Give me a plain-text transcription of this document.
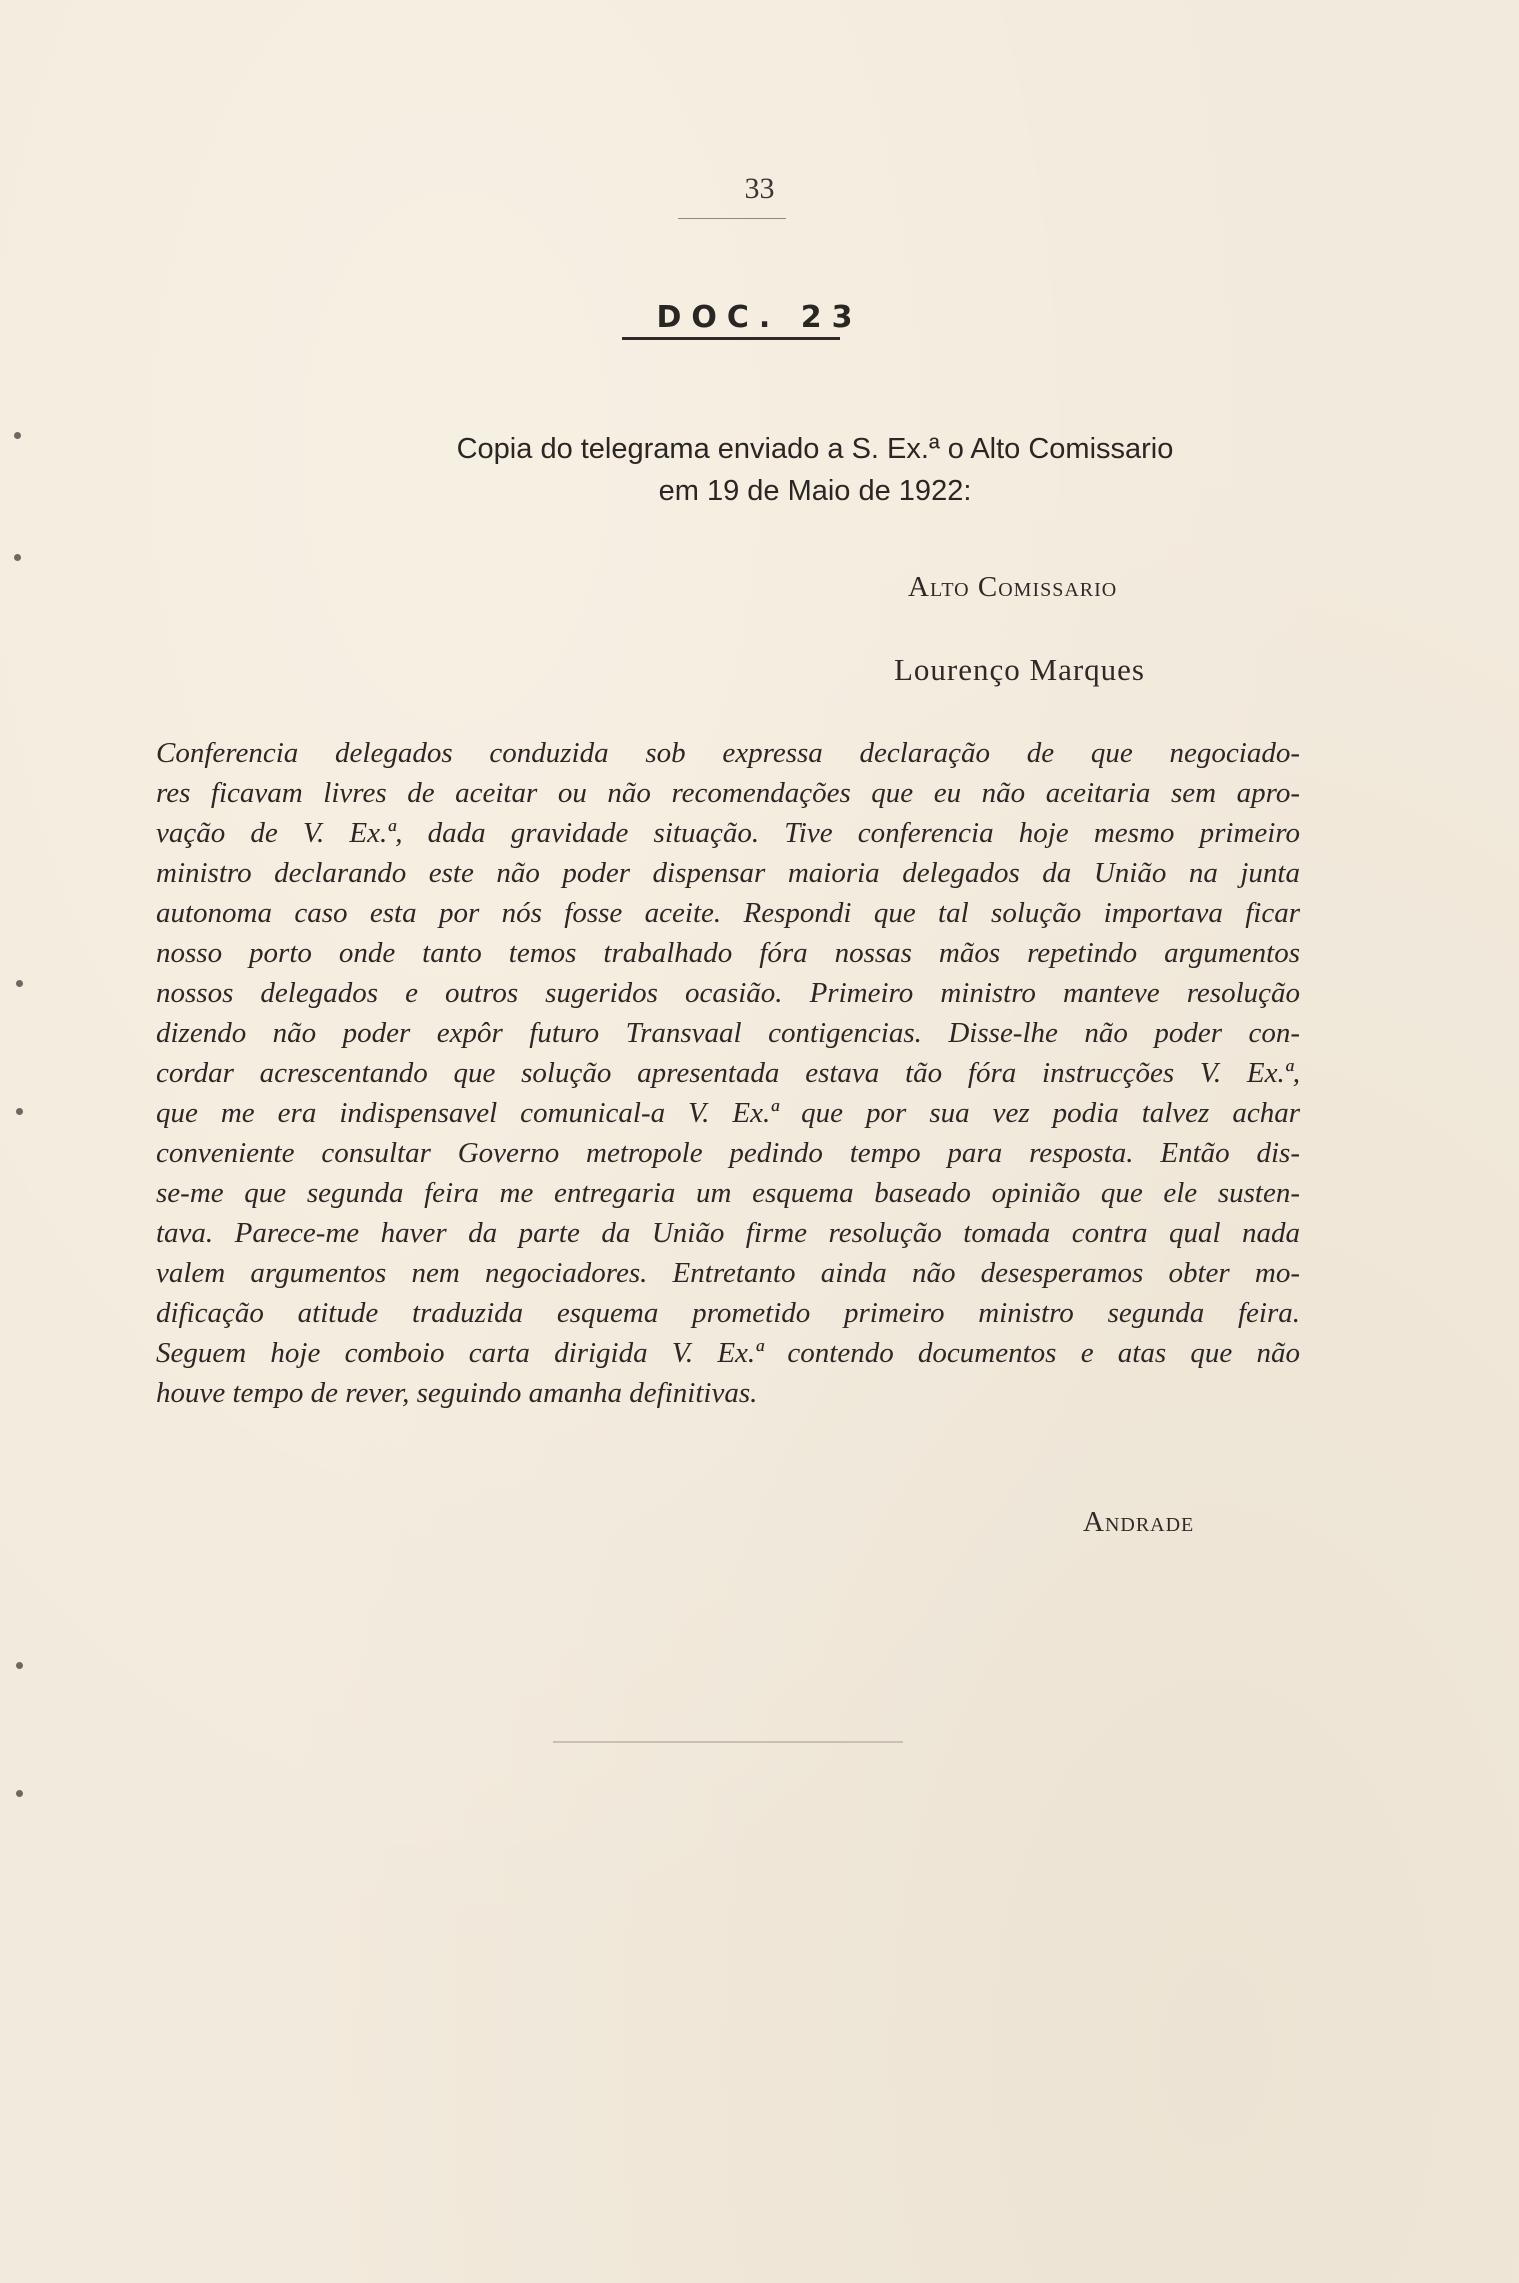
33
DOC. 23
Copia do telegrama enviado a S. Ex.ª o Alto Comissario
em 19 de Maio de 1922:
Alto Comissario
Lourenço Marques
Conferencia delegados conduzida sob expressa declaração de que negociado-
res ficavam livres de aceitar ou não recomendações que eu não aceitaria sem apro-
vação de V. Ex.ª, dada gravidade situação. Tive conferencia hoje mesmo primeiro
ministro declarando este não poder dispensar maioria delegados da União na junta
autonoma caso esta por nós fosse aceite. Respondi que tal solução importava ficar
nosso porto onde tanto temos trabalhado fóra nossas mãos repetindo argumentos
nossos delegados e outros sugeridos ocasião. Primeiro ministro manteve resolução
dizendo não poder expôr futuro Transvaal contigencias. Disse-lhe não poder con-
cordar acrescentando que solução apresentada estava tão fóra instrucções V. Ex.ª,
que me era indispensavel comunical-a V. Ex.ª que por sua vez podia talvez achar
conveniente consultar Governo metropole pedindo tempo para resposta. Então dis-
se-me que segunda feira me entregaria um esquema baseado opinião que ele susten-
tava. Parece-me haver da parte da União firme resolução tomada contra qual nada
valem argumentos nem negociadores. Entretanto ainda não desesperamos obter mo-
dificação atitude traduzida esquema prometido primeiro ministro segunda feira.
Seguem hoje comboio carta dirigida V. Ex.ª contendo documentos e atas que não
houve tempo de rever, seguindo amanha definitivas.
Andrade
